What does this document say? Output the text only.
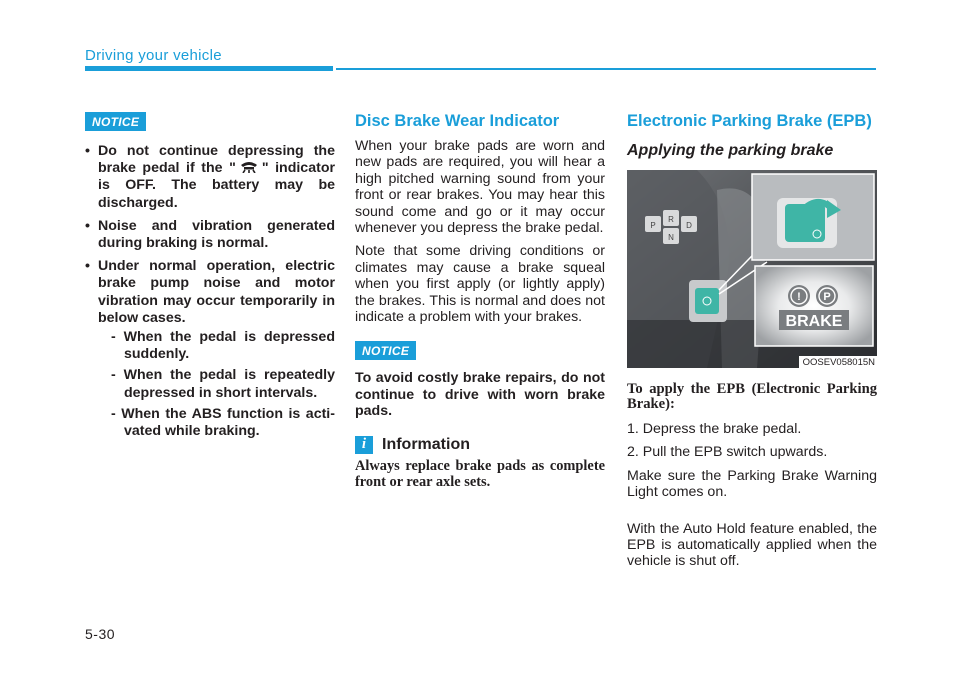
Driving your vehicle
NOTICE
• Do not continue depressing the brake pedal if the " " indicator is OFF. The battery may be discharged.
• Noise and vibration generated during braking is normal.
• Under normal operation, electric brake pump noise and motor vibration may occur temporarily in below cases.
- When the pedal is depressed suddenly.
- When the pedal is repeatedly depressed in short intervals.
- When the ABS function is activated while braking.
Disc Brake Wear Indicator

When your brake pads are worn and new pads are required, you will hear a high pitched warning sound from your front or rear brakes. You may hear this sound come and go or it may occur whenever you depress the brake pedal.

Note that some driving conditions or climates may cause a brake squeal when you first apply (or lightly apply) the brakes. This is normal and does not indicate a problem with your brakes.

NOTICE

To avoid costly brake repairs, do not continue to drive with worn brake pads.

i Information

Always replace brake pads as complete front or rear axle sets.

Electronic Parking Brake (EPB)
Applying the parking brake
P
R
N
D
! P
BRAKE
OOSEV058015N

To apply the EPB (Electronic Parking Brake):

1. Depress the brake pedal.

2. Pull the EPB switch upwards.

Make sure the Parking Brake Warning Light comes on.

With the Auto Hold feature enabled, the EPB is automatically applied when the vehicle is shut off.

5-30
